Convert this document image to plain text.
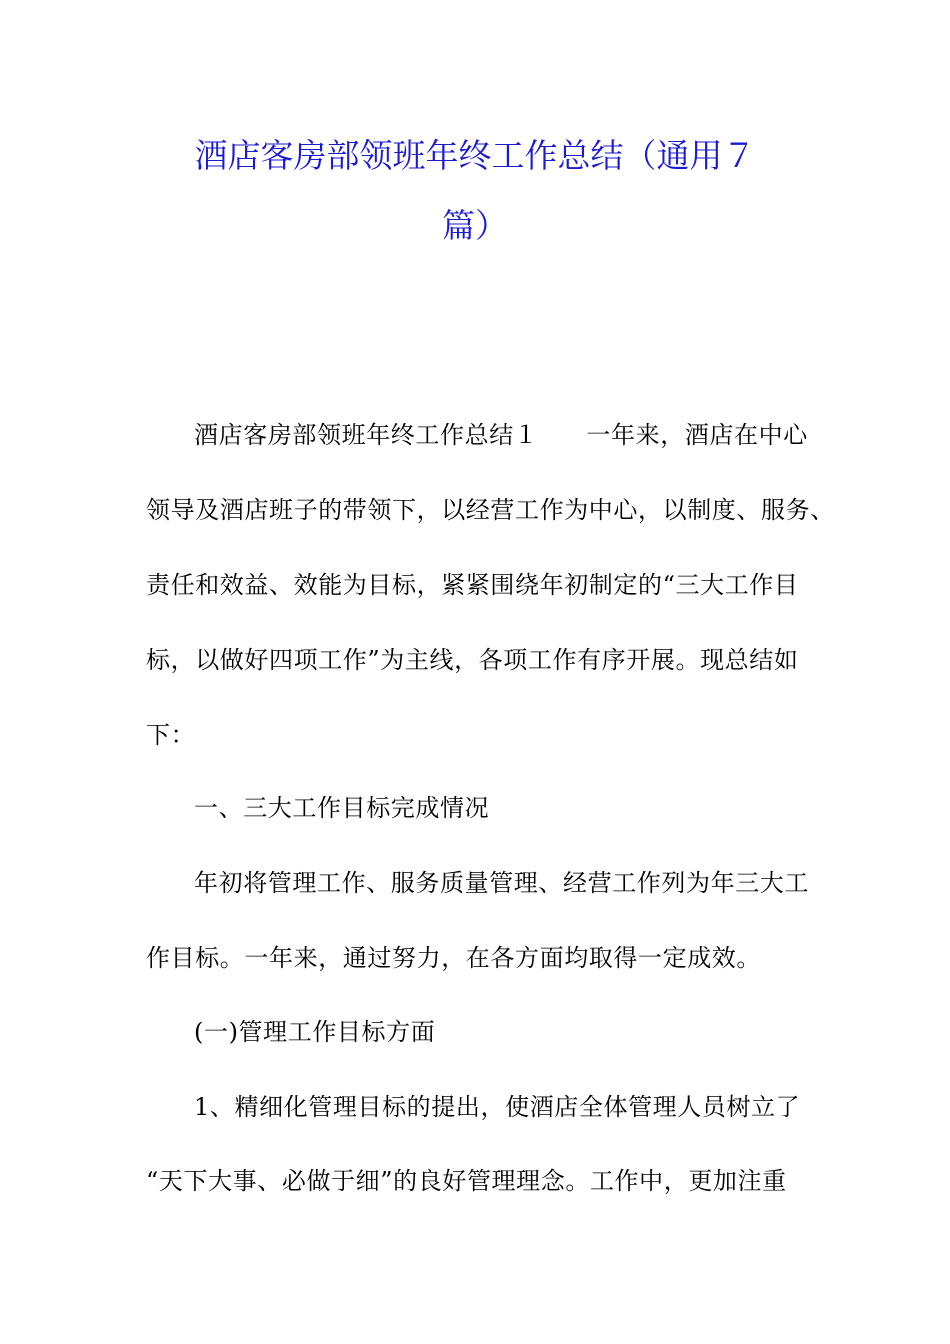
酒店客房部领班年终工作总结（通用７
篇）
酒店客房部领班年终工作总结１ 一年来，酒店在中心
领导及酒店班子的带领下，以经营工作为中心，以制度、服务、
责任和效益、效能为目标，紧紧围绕年初制定的“三大工作目
标，以做好四项工作”为主线，各项工作有序开展。现总结如
下：
一、三大工作目标完成情况
年初将管理工作、服务质量管理、经营工作列为年三大工
作目标。一年来，通过努力，在各方面均取得一定成效。
(一)管理工作目标方面
1、精细化管理目标的提出，使酒店全体管理人员树立了
“天下大事、必做于细”的良好管理理念。工作中，更加注重
